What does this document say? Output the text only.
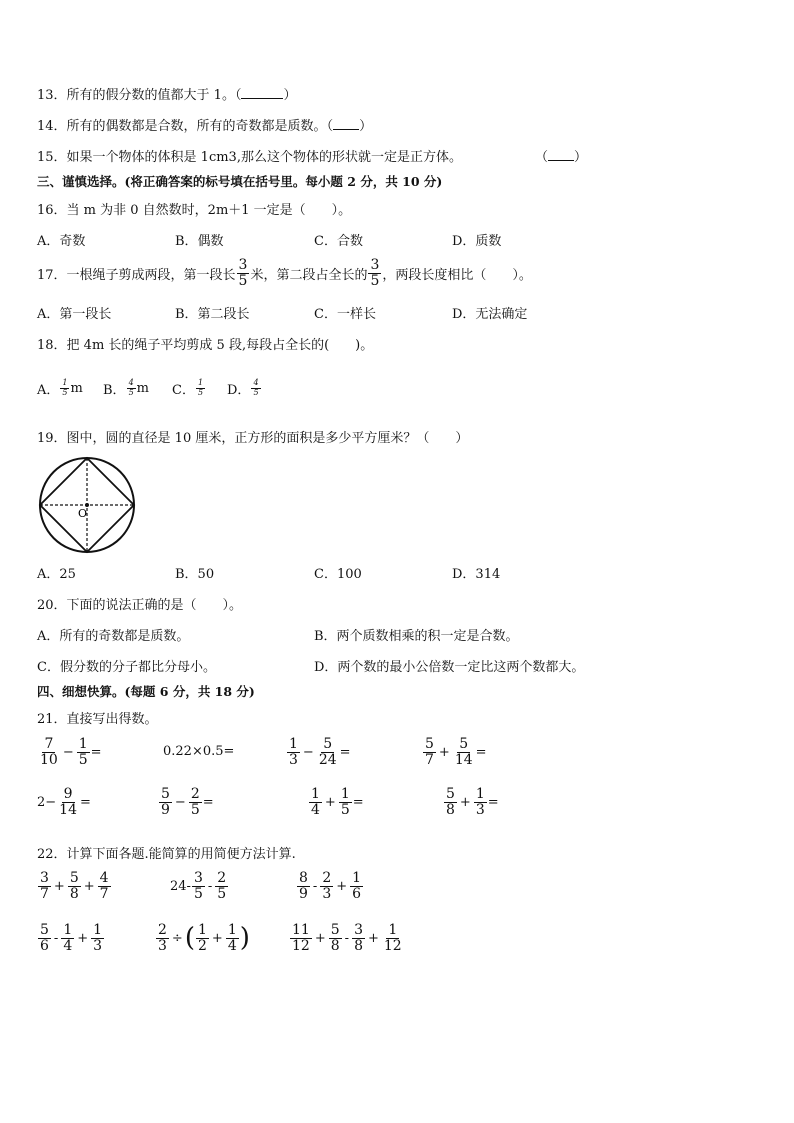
13．所有的假分数的值都大于 1。（	）
14．所有的偶数都是合数，所有的奇数都是质数。（ ）
15．如果一个物体的体积是 1cm3,那么这个物体的形状就一定是正方体。	（ ）
三、谨慎选择。(将正确答案的标号填在括号里。每小题 2 分，共 10 分)
16．当 m 为非 0 自然数时，2m＋1 一定是（　　）。
A．奇数	B．偶数	C．合数	D．质数
17．一根绳子剪成两段，第一段长 $\frac{3}{5}$ 米，第二段占全长的 $\frac{3}{5}$ ，两段长度相比（　　）。
A．第一段长	B．第二段长	C．一样长	D．无法确定
18．把 4m 长的绳子平均剪成 5 段,每段占全长的(　　)。
A． $\frac{1}{5}$ m B． $\frac{4}{5}$ m C． $\frac{1}{5}$ D． $\frac{4}{5}$
19．图中，圆的直径是 10 厘米，正方形的面积是多少平方厘米？（　　）
O
A．25	B．50	C．100	D．314
20．下面的说法正确的是（　　）。
A．所有的奇数都是质数。	B．两个质数相乘的积一定是合数。
C．假分数的分子都比分母小。	D．两个数的最小公倍数一定比这两个数都大。
四、细想快算。(每题 6 分，共 18 分)
21．直接写出得数。
$\frac{7}{10} - \frac{1}{5}$ =	0.22×0.5=	$\frac{1}{3} - \frac{5}{24}$ =	$\frac{5}{7} + \frac{5}{14}$ =
$2- \frac{9}{14}$ =	$\frac{5}{9} - \frac{2}{5}$ =	$\frac{1}{4} + \frac{1}{5}$ =	$\frac{5}{8} + \frac{1}{3}$ =
22．计算下面各题.能简算的用简便方法计算.
$\frac{3}{7} + \frac{5}{8} + \frac{4}{7}$	$24- \frac{3}{5} - \frac{2}{5}$	$\frac{8}{9} - \frac{2}{3} + \frac{1}{6}$
$\frac{5}{6} - \frac{1}{4} + \frac{1}{3}$	$\frac{2}{3}$ ÷ ( $\frac{1}{2} + \frac{1}{4}$ )	$\frac{11}{12} + \frac{5}{8} - \frac{3}{8} + \frac{1}{12}$
